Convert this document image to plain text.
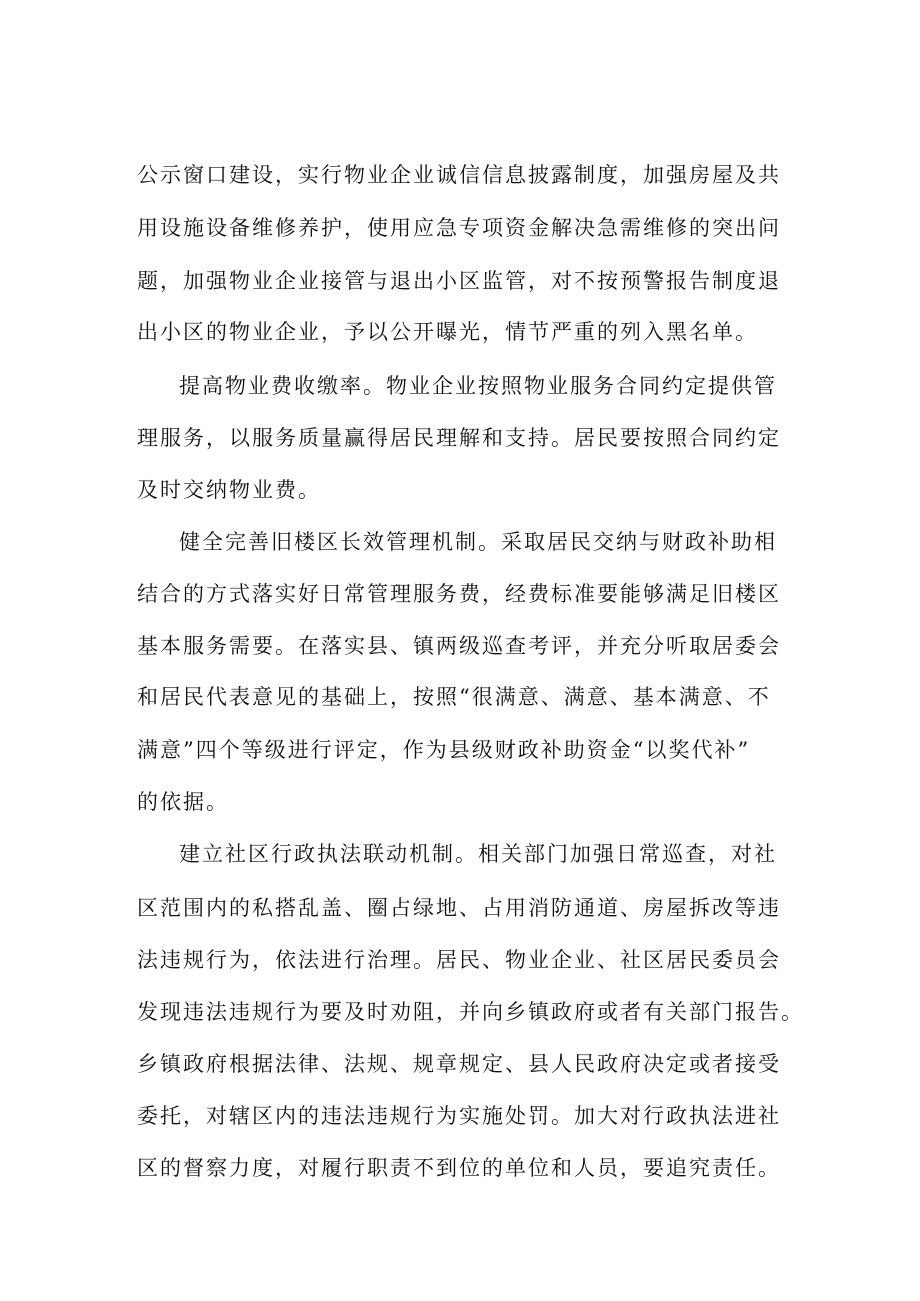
公示窗口建设，实行物业企业诚信信息披露制度，加强房屋及共
用设施设备维修养护，使用应急专项资金解决急需维修的突出问
题，加强物业企业接管与退出小区监管，对不按预警报告制度退
出小区的物业企业，予以公开曝光，情节严重的列入黑名单。
提高物业费收缴率。物业企业按照物业服务合同约定提供管
理服务，以服务质量赢得居民理解和支持。居民要按照合同约定
及时交纳物业费。
健全完善旧楼区长效管理机制。采取居民交纳与财政补助相
结合的方式落实好日常管理服务费，经费标准要能够满足旧楼区
基本服务需要。在落实县、镇两级巡查考评，并充分听取居委会
和居民代表意见的基础上，按照“很满意、满意、基本满意、不
满意”四个等级进行评定，作为县级财政补助资金“以奖代补”
的依据。
建立社区行政执法联动机制。相关部门加强日常巡查，对社
区范围内的私搭乱盖、圈占绿地、占用消防通道、房屋拆改等违
法违规行为，依法进行治理。居民、物业企业、社区居民委员会
发现违法违规行为要及时劝阻，并向乡镇政府或者有关部门报告。
乡镇政府根据法律、法规、规章规定、县人民政府决定或者接受
委托，对辖区内的违法违规行为实施处罚。加大对行政执法进社
区的督察力度，对履行职责不到位的单位和人员，要追究责任。
